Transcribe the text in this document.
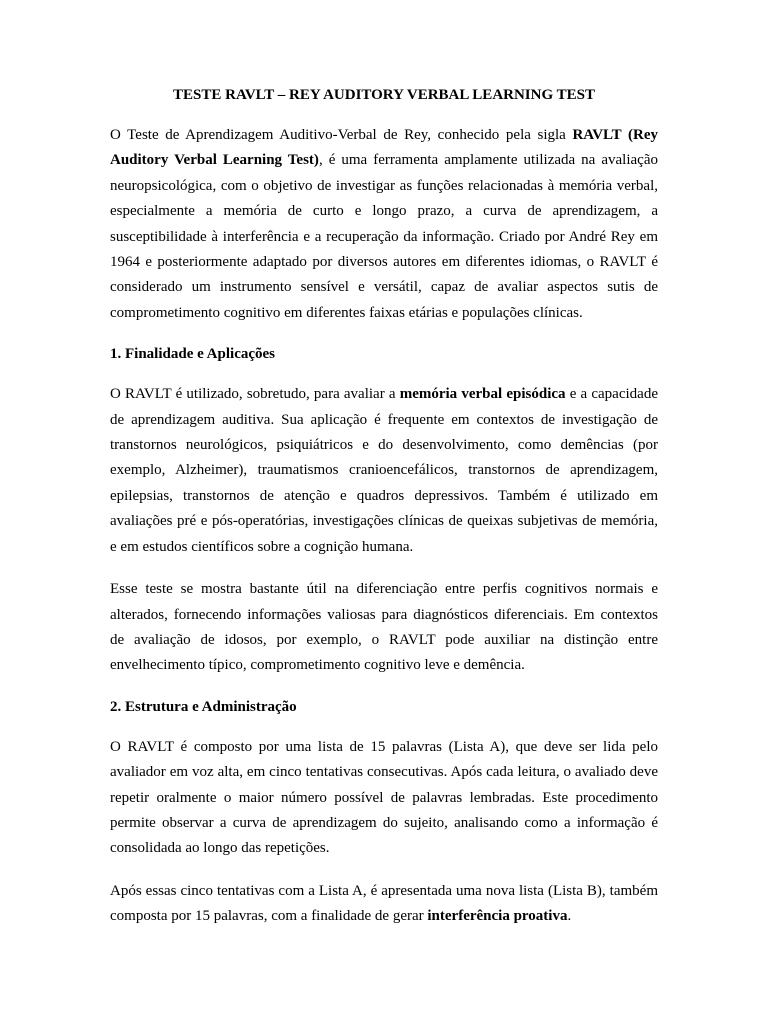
TESTE RAVLT – REY AUDITORY VERBAL LEARNING TEST

O Teste de Aprendizagem Auditivo-Verbal de Rey, conhecido pela sigla RAVLT (Rey Auditory Verbal Learning Test), é uma ferramenta amplamente utilizada na avaliação neuropsicológica, com o objetivo de investigar as funções relacionadas à memória verbal, especialmente a memória de curto e longo prazo, a curva de aprendizagem, a susceptibilidade à interferência e a recuperação da informação. Criado por André Rey em 1964 e posteriormente adaptado por diversos autores em diferentes idiomas, o RAVLT é considerado um instrumento sensível e versátil, capaz de avaliar aspectos sutis de comprometimento cognitivo em diferentes faixas etárias e populações clínicas.

1. Finalidade e Aplicações

O RAVLT é utilizado, sobretudo, para avaliar a memória verbal episódica e a capacidade de aprendizagem auditiva. Sua aplicação é frequente em contextos de investigação de transtornos neurológicos, psiquiátricos e do desenvolvimento, como demências (por exemplo, Alzheimer), traumatismos cranioencefálicos, transtornos de aprendizagem, epilepsias, transtornos de atenção e quadros depressivos. Também é utilizado em avaliações pré e pós-operatórias, investigações clínicas de queixas subjetivas de memória, e em estudos científicos sobre a cognição humana.

Esse teste se mostra bastante útil na diferenciação entre perfis cognitivos normais e alterados, fornecendo informações valiosas para diagnósticos diferenciais. Em contextos de avaliação de idosos, por exemplo, o RAVLT pode auxiliar na distinção entre envelhecimento típico, comprometimento cognitivo leve e demência.

2. Estrutura e Administração

O RAVLT é composto por uma lista de 15 palavras (Lista A), que deve ser lida pelo avaliador em voz alta, em cinco tentativas consecutivas. Após cada leitura, o avaliado deve repetir oralmente o maior número possível de palavras lembradas. Este procedimento permite observar a curva de aprendizagem do sujeito, analisando como a informação é consolidada ao longo das repetições.

Após essas cinco tentativas com a Lista A, é apresentada uma nova lista (Lista B), também composta por 15 palavras, com a finalidade de gerar interferência proativa.
